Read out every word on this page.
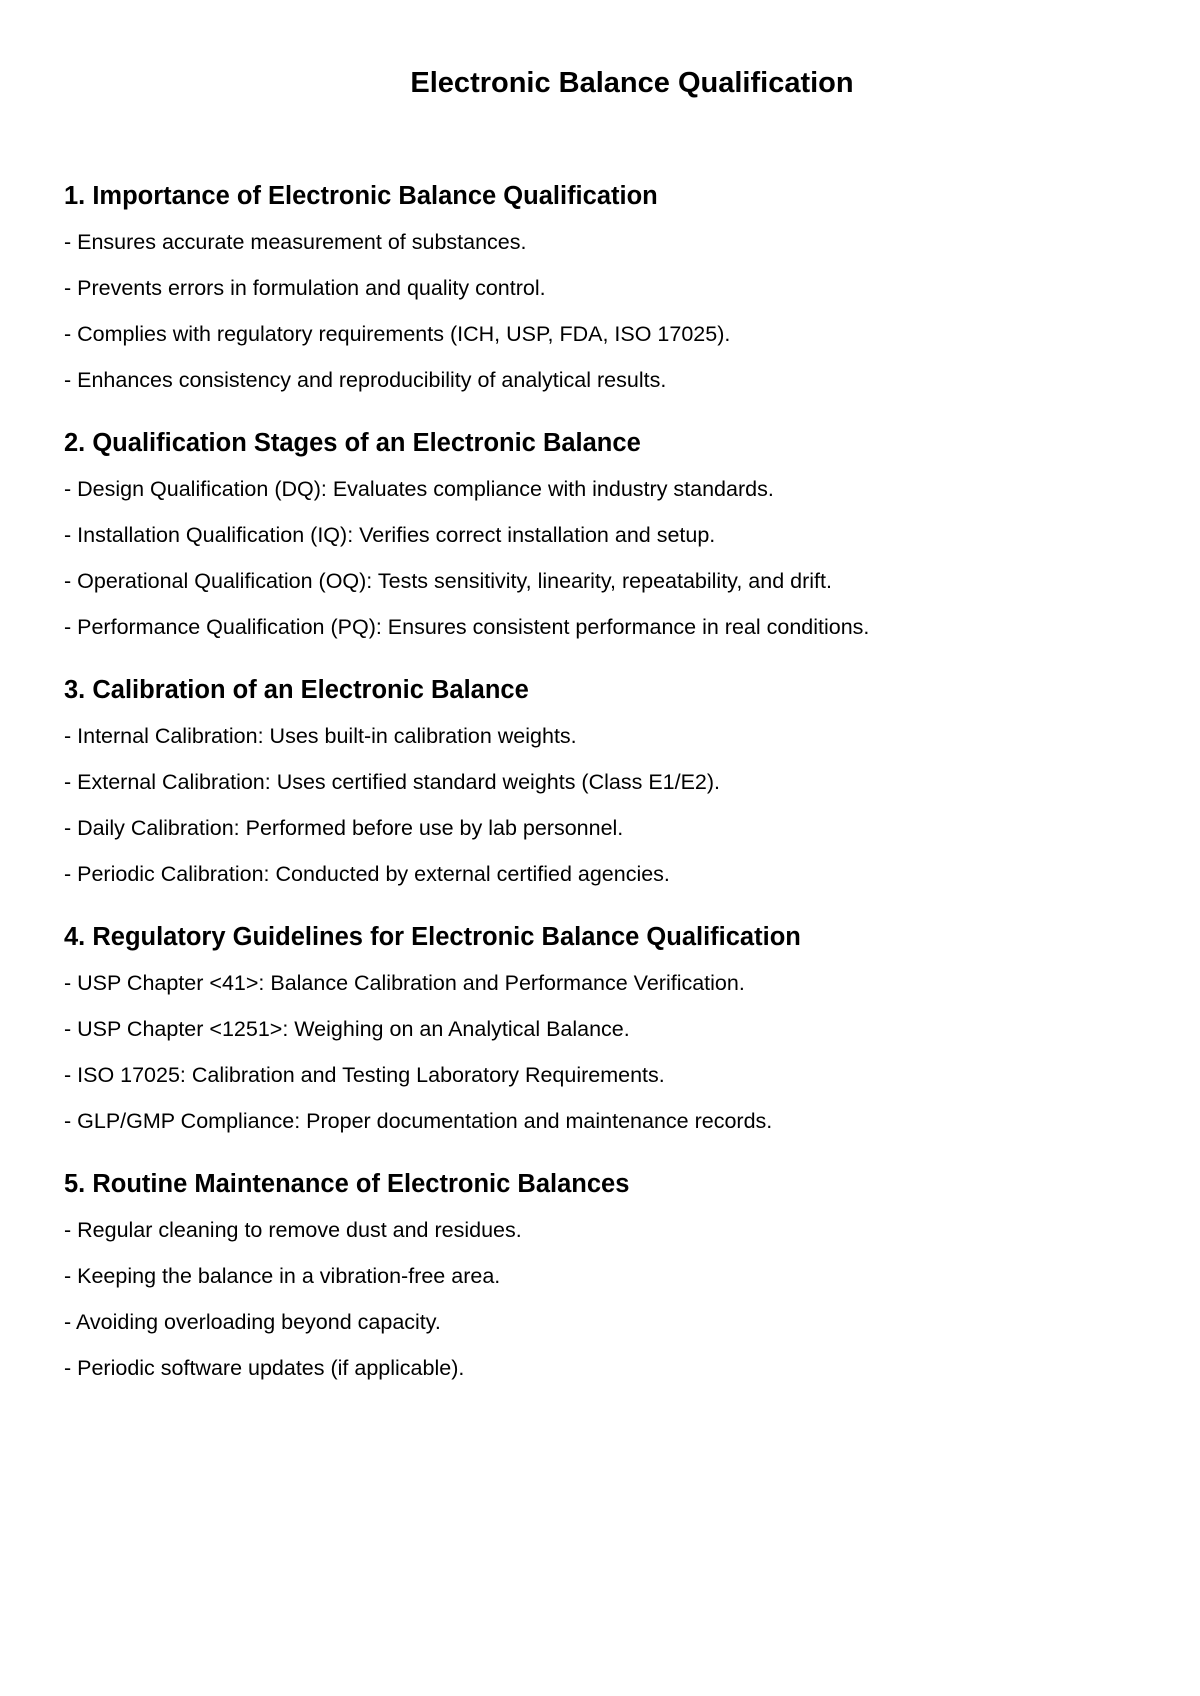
Electronic Balance Qualification
1. Importance of Electronic Balance Qualification
- Ensures accurate measurement of substances.
- Prevents errors in formulation and quality control.
- Complies with regulatory requirements (ICH, USP, FDA, ISO 17025).
- Enhances consistency and reproducibility of analytical results.
2. Qualification Stages of an Electronic Balance
- Design Qualification (DQ): Evaluates compliance with industry standards.
- Installation Qualification (IQ): Verifies correct installation and setup.
- Operational Qualification (OQ): Tests sensitivity, linearity, repeatability, and drift.
- Performance Qualification (PQ): Ensures consistent performance in real conditions.
3. Calibration of an Electronic Balance
- Internal Calibration: Uses built-in calibration weights.
- External Calibration: Uses certified standard weights (Class E1/E2).
- Daily Calibration: Performed before use by lab personnel.
- Periodic Calibration: Conducted by external certified agencies.
4. Regulatory Guidelines for Electronic Balance Qualification
- USP Chapter <41>: Balance Calibration and Performance Verification.
- USP Chapter <1251>: Weighing on an Analytical Balance.
- ISO 17025: Calibration and Testing Laboratory Requirements.
- GLP/GMP Compliance: Proper documentation and maintenance records.
5. Routine Maintenance of Electronic Balances
- Regular cleaning to remove dust and residues.
- Keeping the balance in a vibration-free area.
- Avoiding overloading beyond capacity.
- Periodic software updates (if applicable).
